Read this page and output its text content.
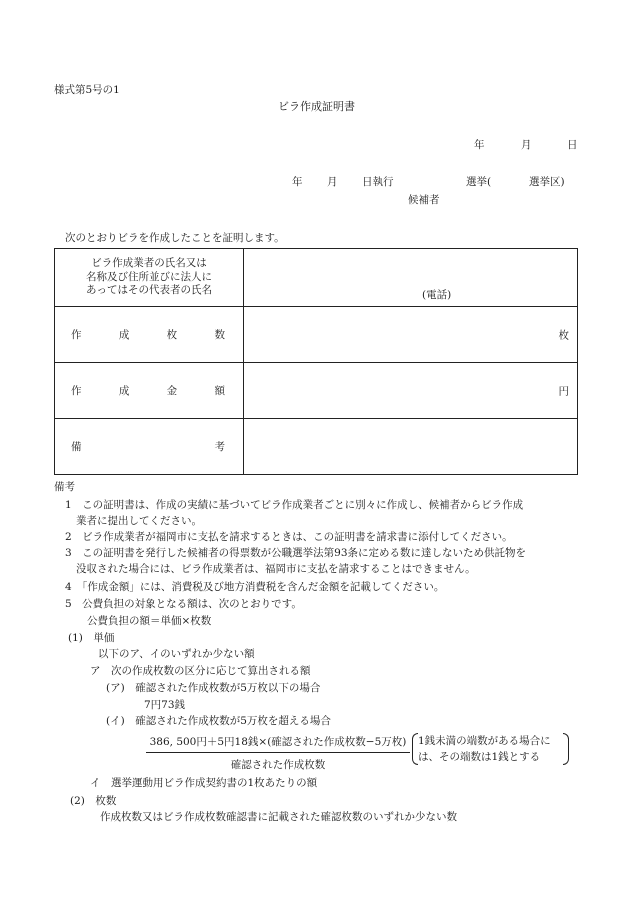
様式第5号の1
ビラ作成証明書
年	月	日
年 月 日執行	選挙(	選挙区)
候補者
次のとおりビラを作成したことを証明します。
ビラ作成業者の氏名又は
名称及び住所並びに法人に
あってはその代表者の氏名	(電話)

作 成 枚 数	枚

作 成 金 額	円

備 考	

備考
1　この証明書は、作成の実績に基づいてビラ作成業者ごとに別々に作成し、候補者からビラ作成
業者に提出してください。
2　ビラ作成業者が福岡市に支払を請求するときは、この証明書を請求書に添付してください。
3　この証明書を発行した候補者の得票数が公職選挙法第93条に定める数に達しないため供託物を
没収された場合には、ビラ作成業者は、福岡市に支払を請求することはできません。
4　「作成金額」には、消費税及び地方消費税を含んだ金額を記載してください。
5　公費負担の対象となる額は、次のとおりです。
公費負担の額＝単価×枚数
(1)　単価
以下のア、イのいずれか少ない額
ア　次の作成枚数の区分に応じて算出される額
(ア)　確認された作成枚数が5万枚以下の場合
7円73銭
(イ)　確認された作成枚数が5万枚を超える場合
386, 500円＋5円18銭×(確認された作成枚数−5万枚)
確認された作成枚数
1銭未満の端数がある場合に
は、その端数は1銭とする
イ　選挙運動用ビラ作成契約書の1枚あたりの額
(2)　枚数
作成枚数又はビラ作成枚数確認書に記載された確認枚数のいずれか少ない数
